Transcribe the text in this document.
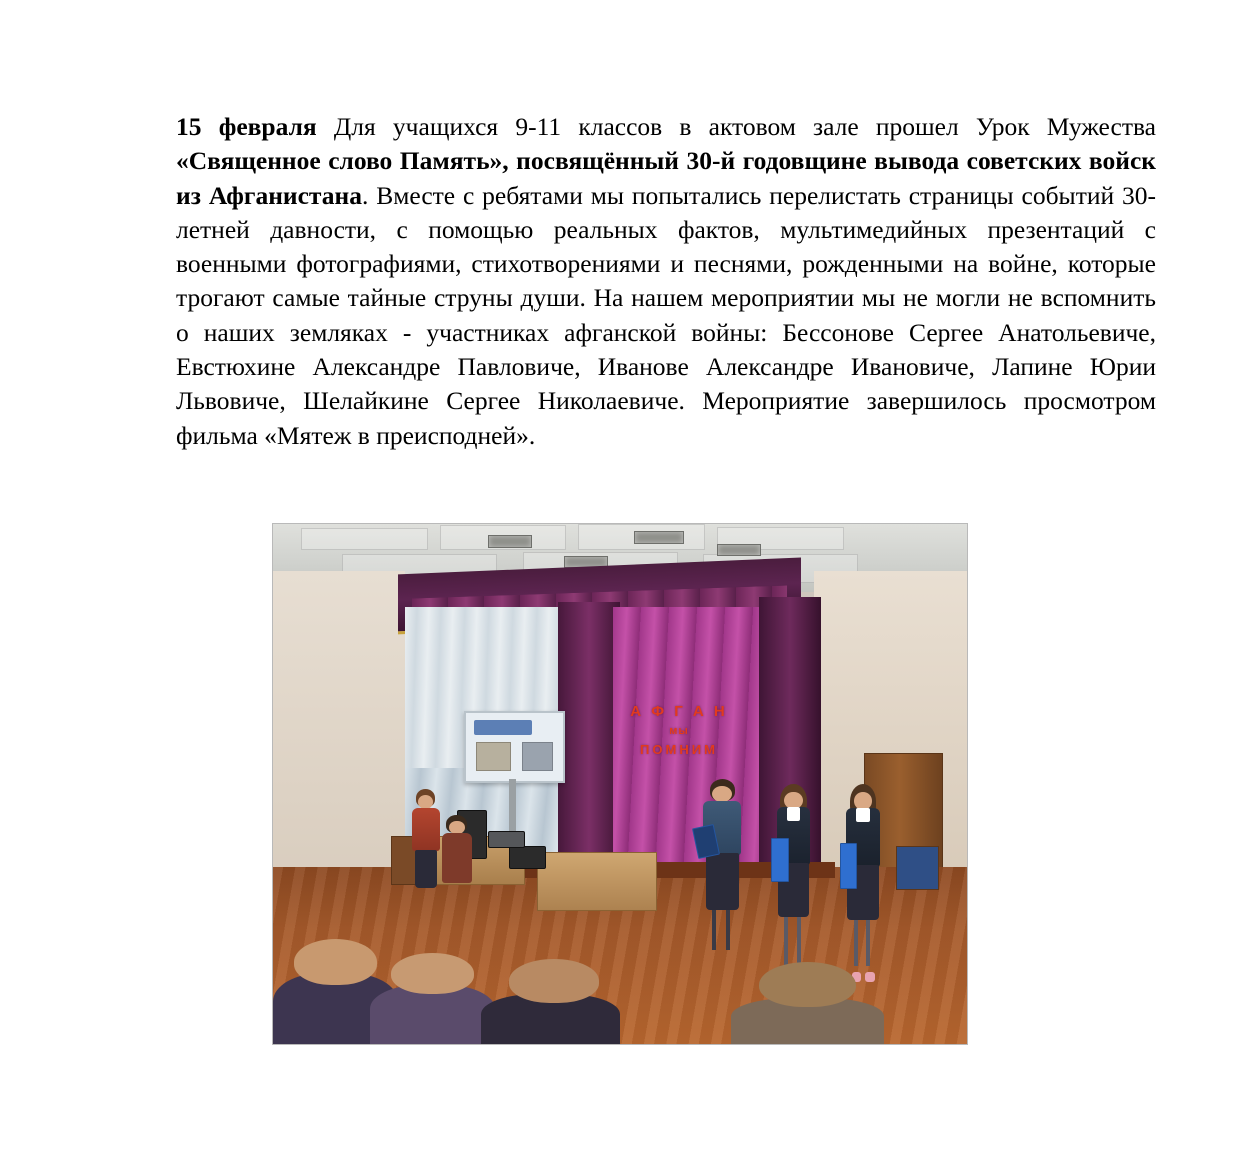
15 февраля Для учащихся 9-11 классов в актовом зале прошел Урок Мужества «Священное слово Память», посвящённый 30-й годовщине вывода советских войск из Афганистана. Вместе с ребятами мы попытались перелистать страницы событий 30-летней давности, с помощью реальных фактов, мультимедийных презентаций с военными фотографиями, стихотворениями и песнями, рожденными на войне, которые трогают самые тайные струны души. На нашем мероприятии мы не могли не вспомнить о наших земляках - участниках афганской войны: Бессонове Сергее Анатольевиче, Евстюхине Александре Павловиче, Иванове Александре Ивановиче, Лапине Юрии Львовиче, Шелайкине Сергее Николаевиче. Мероприятие завершилось просмотром фильма «Мятеж в преисподней».

А Ф Г А Н
мы
ПОМНИМ
